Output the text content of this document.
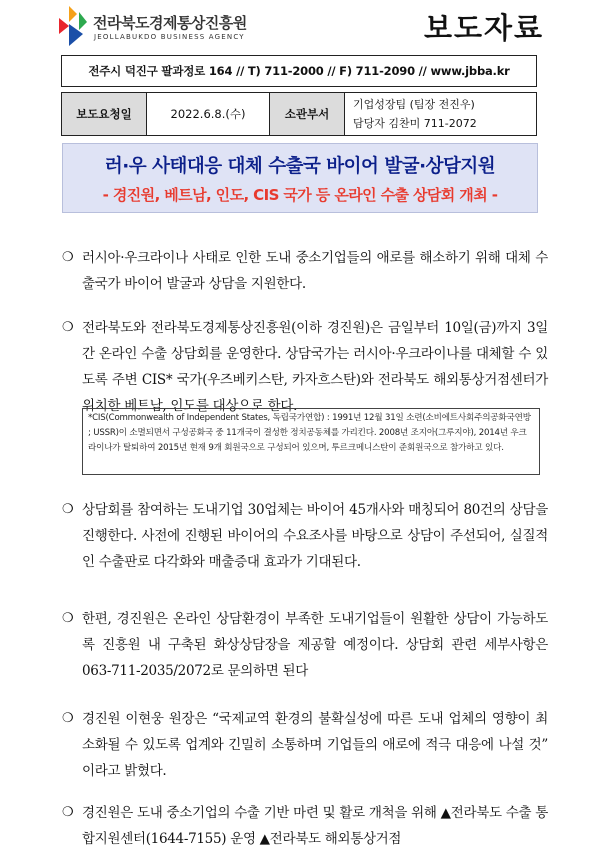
전라북도경제통상진흥원
JEOLLABUKDO BUSINESS AGENCY	보도자료
전주시 덕진구 팔과정로 164 // T) 711-2000 // F) 711-2090 // www.jbba.kr

보도요청일	2022.6.8.(수)	소관부서	
기업성장팀 (팀장 전진우)
담당자 김찬미 711-2072
러·우 사태대응 대체 수출국 바이어 발굴·상담지원
- 경진원, 베트남, 인도, CIS 국가 등 온라인 수출 상담회 개최 -
❍ 러시아·우크라이나 사태로 인한 도내 중소기업들의 애로를 해소하기 위해 대체 수출국가 바이어 발굴과 상담을 지원한다.
❍ 전라북도와 전라북도경제통상진흥원(이하 경진원)은 금일부터 10일(금)까지 3일간 온라인 수출 상담회를 운영한다. 상담국가는 러시아·우크라이나를 대체할 수 있도록 주변 CIS* 국가(우즈베키스탄, 카자흐스탄)와 전라북도 해외통상거점센터가 위치한 베트남, 인도를 대상으로 한다.
*CIS(Commonwealth of Independent States, 독립국가연합) : 1991년 12월 31일 소련(소비에트사회주의공화국연방 ; USSR)이 소멸되면서 구성공화국 중 11개국이 결성한 정치공동체를 가리킨다. 2008년 조지아(그루지야), 2014년 우크라이나가 탈퇴하여 2015년 현재 9개 회원국으로 구성되어 있으며, 투르크메니스탄이 준회원국으로 참가하고 있다.
❍ 상담회를 참여하는 도내기업 30업체는 바이어 45개사와 매칭되어 80건의 상담을 진행한다. 사전에 진행된 바이어의 수요조사를 바탕으로 상담이 주선되어, 실질적인 수출판로 다각화와 매출증대 효과가 기대된다.
❍ 한편, 경진원은 온라인 상담환경이 부족한 도내기업들이 원활한 상담이 가능하도록 진흥원 내 구축된 화상상담장을 제공할 예정이다. 상담회 관련 세부사항은 063-711-2035/2072로 문의하면 된다
❍ 경진원 이현웅 원장은 “국제교역 환경의 불확실성에 따른 도내 업체의 영향이 최소화될 수 있도록 업계와 긴밀히 소통하며 기업들의 애로에 적극 대응에 나설 것” 이라고 밝혔다.
❍ 경진원은 도내 중소기업의 수출 기반 마련 및 활로 개척을 위해 ▲전라북도 수출 통합지원센터(1644-7155) 운영 ▲전라북도 해외통상거점
